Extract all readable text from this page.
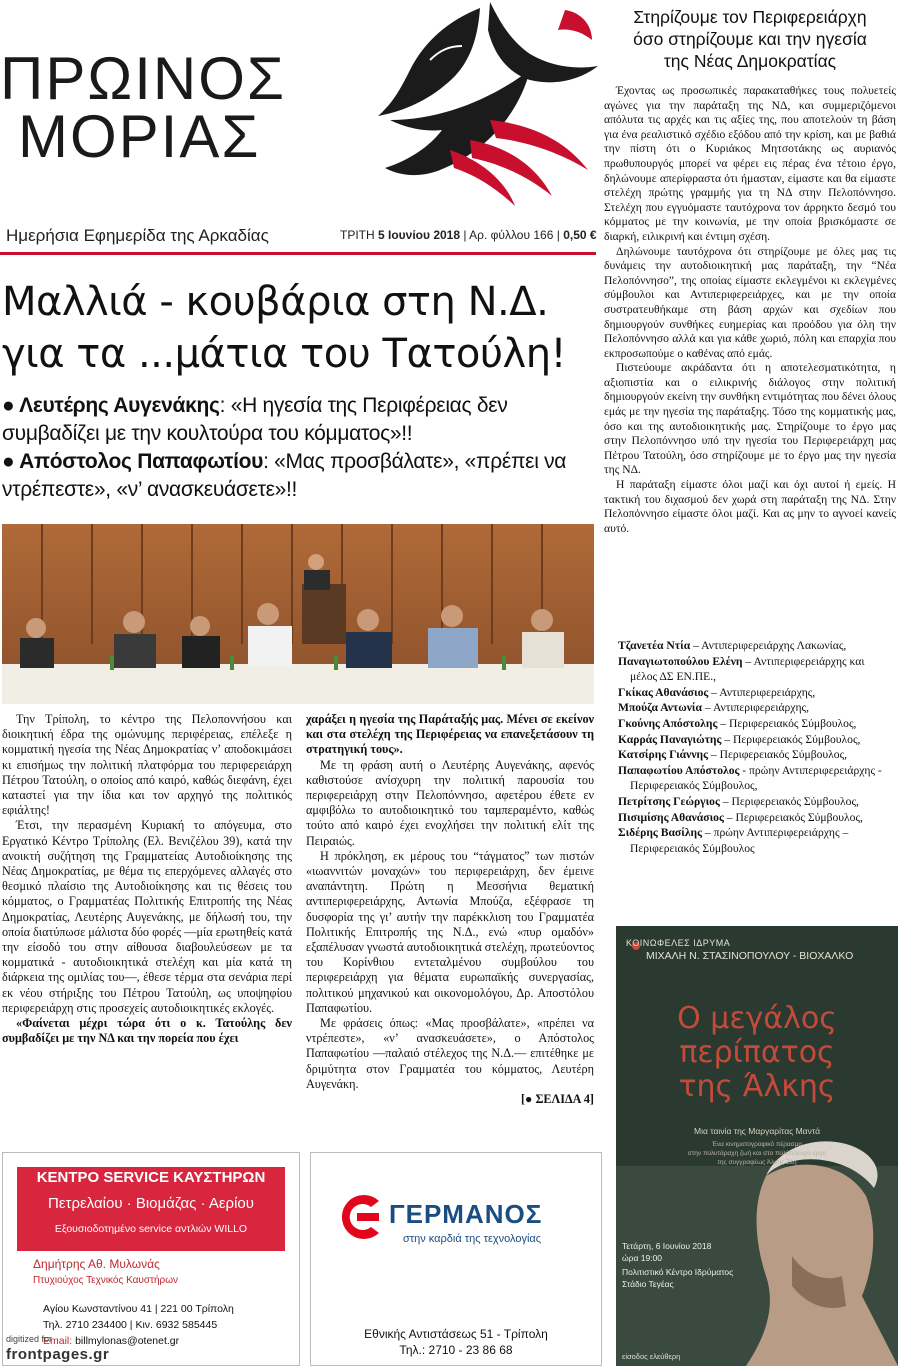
ΠΡΩΙΝΟΣ
ΜΟΡΙΑΣ
Ημερήσια Εφημερίδα της Αρκαδίας	ΤΡΙΤΗ 5 Ιουνίου 2018 | Αρ. φύλλου 166 | 0,50 €
Μαλλιά - κουβάρια στη Ν.Δ.
για τα ...μάτια του Τατούλη!

● Λευτέρης Αυγενάκης: «Η ηγεσία της Περιφέρειας δεν συμβαδίζει με την κουλτούρα του κόμματος»!!

● Απόστολος Παπαφωτίου: «Μας προσβάλατε», «πρέπει να ντρέπεστε», «ν’ ανασκευάσετε»!!

Την Τρίπολη, το κέντρο της Πελοποννήσου και διοικητική έδρα της ομώνυμης περιφέρειας, επέλεξε η κομματική ηγεσία της Νέας Δημοκρατίας ν’ αποδοκιμάσει κι επισήμως την πολιτική πλατφόρμα του περιφερειάρχη Πέτρου Τατούλη, ο οποίος από καιρό, καθώς διεφάνη, έχει καταστεί για την ίδια και τον αρχηγό της πολιτικός εφιάλτης!

Έτσι, την περασμένη Κυριακή το απόγευμα, στο Εργατικό Κέντρο Τρίπολης (Ελ. Βενιζέλου 39), κατά την ανοικτή συζήτηση της Γραμματείας Αυτοδιοίκησης της Νέας Δημοκρατίας, με θέμα τις επερχόμενες αλλαγές στο θεσμικό πλαίσιο της Αυτοδιοίκησης και τις θέσεις του κόμματος, ο Γραμματέας Πολιτικής Επιτροπής της Νέας Δημοκρατίας, Λευτέρης Αυγενάκης, με δήλωσή του, την οποία διατύπωσε μάλιστα δύο φορές —μία ερωτηθείς κατά την είσοδό του στην αίθουσα διαβουλεύσεων με τα κομματικά - αυτοδιοικητικά στελέχη και μία κατά τη διάρκεια της ομιλίας του—, έθεσε τέρμα στα σενάρια περί εκ νέου στήριξης του Πέτρου Τατούλη, ως υποψηφίου περιφερειάρχη στις προσεχείς αυτοδιοικητικές εκλογές.

«Φαίνεται μέχρι τώρα ότι ο κ. Τατούλης δεν συμβαδίζει με την ΝΔ και την πορεία που έχει

χαράξει η ηγεσία της Παράταξής μας. Μένει σε εκείνον και στα στελέχη της Περιφέρειας να επανεξετάσουν τη στρατηγική τους».

Με τη φράση αυτή ο Λευτέρης Αυγενάκης, αφενός καθιστούσε ανίσχυρη την πολιτική παρουσία του περιφερειάρχη στην Πελοπόννησο, αφετέρου έθετε εν αμφιβόλω το αυτοδιοικητικό του ταμπεραμέντο, καθώς τούτο από καιρό έχει ενοχλήσει την πολιτική ελίτ της Πειραιώς.

Η πρόκληση, εκ μέρους του “τάγματος” των πιστών «ιωαννιτών μοναχών» του περιφερειάρχη, δεν έμεινε αναπάντητη. Πρώτη η Μεσσήνια θεματική αντιπεριφερειάρχης, Αντωνία Μπούζα, εξέφρασε τη δυσφορία της γι’ αυτήν την παρέκκλιση του Γραμματέα Πολιτικής Επιτροπής της Ν.Δ., ενώ «πυρ ομαδόν» εξαπέλυσαν γνωστά αυτοδιοικητικά στελέχη, πρωτεύοντος του Κορίνθιου εντεταλμένου συμβούλου του περιφερειάρχη για θέματα ευρωπαϊκής συνεργασίας, πολιτικού μηχανικού και οικονομολόγου, Δρ. Αποστόλου Παπαφωτίου.

Με φράσεις όπως: «Μας προσβάλατε», «πρέπει να ντρέπεστε», «ν’ ανασκευάσετε», ο Απόστολος Παπαφωτίου —παλαιό στέλεχος της Ν.Δ.— επιτέθηκε με δριμύτητα στον Γραμματέα του κόμματος, Λευτέρη Αυγενάκη.

[● ΣΕΛΙΔΑ 4]
Στηρίζουμε τον Περιφερειάρχη
όσο στηρίζουμε και την ηγεσία
της Νέας Δημοκρατίας

Έχοντας ως προσωπικές παρακαταθήκες τους πολυετείς αγώνες για την παράταξη της ΝΔ, και συμμεριζόμενοι απόλυτα τις αρχές και τις αξίες της, που αποτελούν τη βάση για ένα ρεαλιστικό σχέδιο εξόδου από την κρίση, και με βαθιά την πίστη ότι ο Κυριάκος Μητσοτάκης ως αυριανός πρωθυπουργός μπορεί να φέρει εις πέρας ένα τέτοιο έργο, δηλώνουμε απερίφραστα ότι ήμασταν, είμαστε και θα είμαστε στελέχη πρώτης γραμμής για τη ΝΔ στην Πελοπόννησο. Στελέχη που εγγυόμαστε ταυτόχρονα τον άρρηκτο δεσμό του κόμματος με την κοινωνία, με την οποία βρισκόμαστε σε διαρκή, ειλικρινή και έντιμη σχέση.

Δηλώνουμε ταυτόχρονα ότι στηρίζουμε με όλες μας τις δυνάμεις την αυτοδιοικητική μας παράταξη, την “Νέα Πελοπόννησο”, της οποίας είμαστε εκλεγμένοι κι εκλεγμένες σύμβουλοι και Αντιπεριφερειάρχες, και με την οποία συστρατευθήκαμε στη βάση αρχών και σχεδίων που δημιουργούν συνθήκες ευημερίας και προόδου για όλη την Πελοπόννησο αλλά και για κάθε χωριό, πόλη και επαρχία που εκπροσωπούμε ο καθένας από εμάς.

Πιστεύουμε ακράδαντα ότι η αποτελεσματικότητα, η αξιοπιστία και ο ειλικρινής διάλογος στην πολιτική δημιουργούν εκείνη την συνθήκη εντιμότητας που δένει όλους εμάς με την ηγεσία της παράταξης. Τόσο της κομματικής μας, όσο και της αυτοδιοικητικής μας. Στηρίζουμε το έργο μας στην Πελοπόννησο υπό την ηγεσία του Περιφερειάρχη μας Πέτρου Τατούλη, όσο στηρίζουμε με το έργο μας την ηγεσία της ΝΔ.

Η παράταξη είμαστε όλοι μαζί και όχι αυτοί ή εμείς. Η τακτική του διχασμού δεν χωρά στη παράταξη της ΝΔ. Στην Πελοπόννησο είμαστε όλοι μαζί. Και ας μην το αγνοεί κανείς αυτό.

Τζανετέα Ντία – Αντιπεριφερειάρχης Λακωνίας,
Παναγιωτοπούλου Ελένη – Αντιπεριφερειάρχης και μέλος ΔΣ ΕΝ.ΠΕ.,
Γκίκας Αθανάσιος – Αντιπεριφερειάρχης,
Μπούζα Αντωνία – Αντιπεριφερειάρχης,
Γκούνης Απόστολης – Περιφερειακός Σύμβουλος,
Καρράς Παναγιώτης – Περιφερειακός Σύμβουλος,
Κατσίρης Γιάννης – Περιφερειακός Σύμβουλος,
Παπαφωτίου Απόστολος - πρώην Αντιπεριφερειάρχης - Περιφερειακός Σύμβουλος,
Πετρίτσης Γεώργιος – Περιφερειακός Σύμβουλος,
Πισιμίσης Αθανάσιος – Περιφερειακός Σύμβουλος,
Σιδέρης Βασίλης – πρώην Αντιπεριφερειάρχης – Περιφερειακός Σύμβουλος
ΚΟΙΝΩΦΕΛΕΣ ΙΔΡΥΜΑ
ΜΙΧΑΛΗ Ν. ΣΤΑΣΙΝΟΠΟΥΛΟΥ - ΒΙΟΧΑΛΚΟ
Ο μεγάλος
περίπατος
της Άλκης
Μια ταινία της Μαργαρίτας Μαντά
Ένα κινηματογραφικό πέρασμα
στην πολυτάραχη ζωή και στο πολύπλευρο έργο
της συγγραφέως Άλκης Ζέη
Τετάρτη, 6 Ιουνίου 2018
ώρα 19:00
Πολιτιστικό Κέντρο Ιδρύματος
Στάδιο Τεγέας
είσοδος ελεύθερη
ΚΕΝΤΡΟ SERVICE ΚΑΥΣΤΗΡΩΝ
Πετρελαίου · Βιομάζας · Αερίου
Εξουσιοδοτημένο service αντλιών WILLO
Δημήτρης Αθ. Μυλωνάς
Πτυχιούχος Τεχνικός Καυστήρων
Αγίου Κωνσταντίνου 41 | 221 00 Τρίπολη
Τηλ. 2710 234400 | Κιν. 6932 585445
Email: billmylonas@otenet.gr
ΓΕΡΜΑΝΟΣ
στην καρδιά της τεχνολογίας
Εθνικής Αντιστάσεως 51 - Τρίπολη
Τηλ.: 2710 - 23 86 68
digitized for
frontpages.gr
